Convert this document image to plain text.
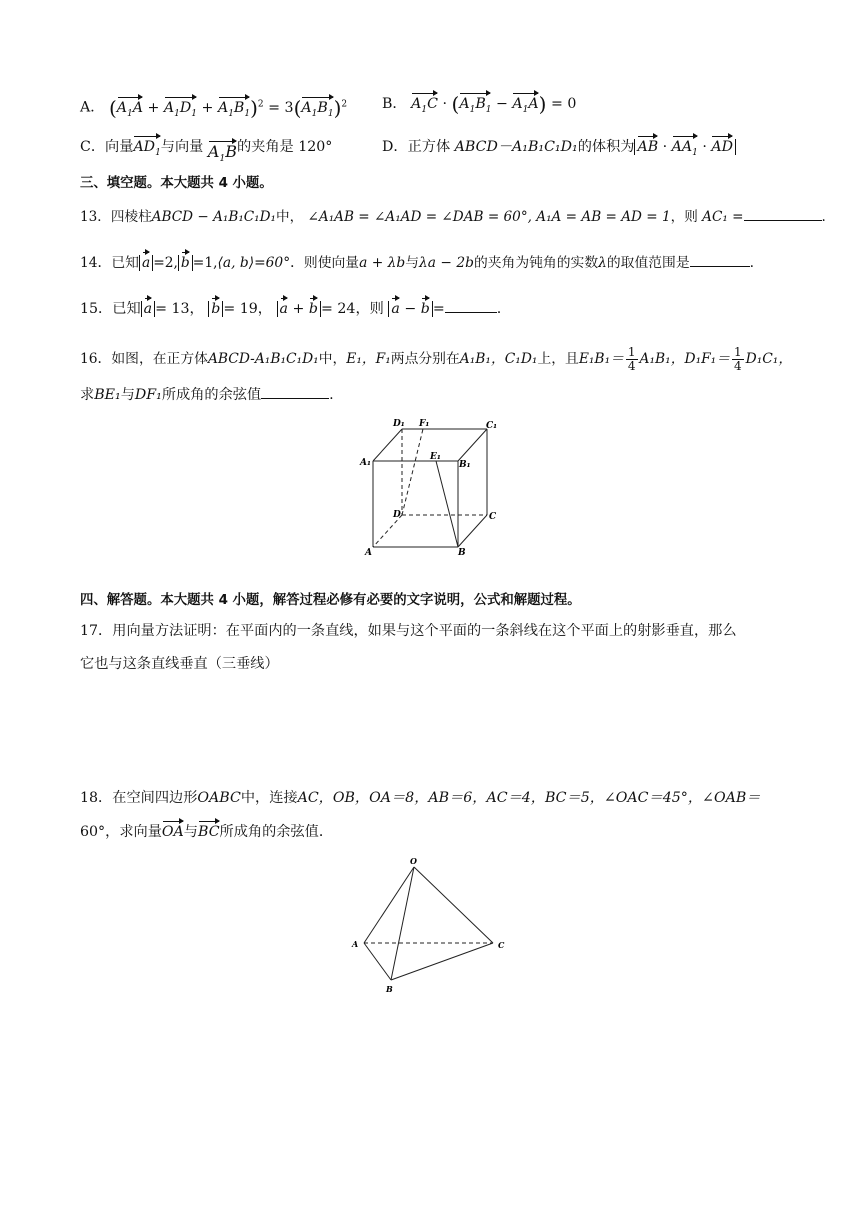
A． $(A_1A + A_1D_1 + A_1B_1)^2 = 3(A_1B_1)^2$	B． $A_1C \cdot (A_1B_1 - A_1A) = 0$
C．向量$AD_1$与向量 $A_1B$的夹角是 120°	D．正方体 ABCD－A₁B₁C₁D₁的体积为 AB · $AA_1$ · AD
三、填空题。本大题共 4 小题。
13．四棱柱ABCD − A₁B₁C₁D₁中， ∠A₁AB = ∠A₁AD = ∠DAB = 60°, A₁A = AB = AD = 1，则 AC₁ =	.
14．已知 a =2, b =1,⟨a, b⟩=60°．则使向量a + λb与λa − 2b的夹角为钝角的实数λ的取值范围是	.
15．已知 a = 13， b = 19， a + b = 24，则 a − b =	.
16．如图，在正方体ABCD-A₁B₁C₁D₁中，E₁，F₁两点分别在A₁B₁，C₁D₁上，且$E_1B_1= \frac{1}{4} A_1B_1$，$D_1F_1= \frac{1}{4} D_1C_1$，
求BE₁与DF₁所成角的余弦值	.
D₁ F₁	C₁
A₁
E₁
B₁
D	C
A	B
四、解答题。本大题共 4 小题，解答过程必修有必要的文字说明，公式和解题过程。
17．用向量方法证明：在平面内的一条直线，如果与这个平面的一条斜线在这个平面上的射影垂直，那么
它也与这条直线垂直（三垂线）
18．在空间四边形OABC中，连接AC，OB，OA＝8，AB＝6，AC＝4，BC＝5，∠OAC＝45°，∠OAB＝
60°，求向量OA与BC所成角的余弦值．
O
A	C
B
